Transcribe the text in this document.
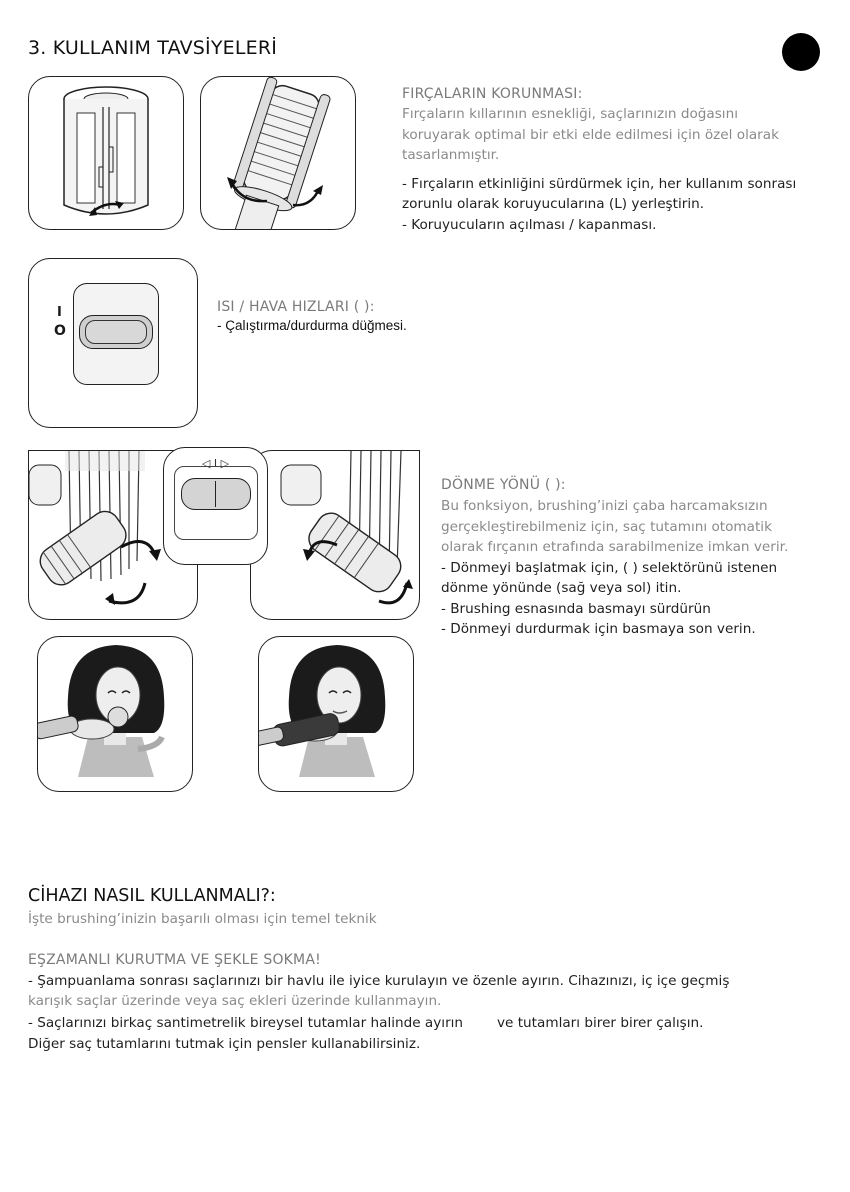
3. KULLANIM TAVSİYELERİ

FIRÇALARIN KORUNMASI:

Fırçaların kıllarının esnekliği, saçlarınızın doğasını

koruyarak optimal bir etki elde edilmesi için özel olarak

tasarlanmıştır.

- Fırçaların etkinliğini sürdürmek için, her kullanım sonrası

zorunlu olarak koruyucularına (L) yerleştirin.

- Koruyucuların açılması / kapanması.

I
O

ISI / HAVA HIZLARI ( ):

- Çalıştırma/durdurma düğmesi.

◁ I ▷

DÖNME YÖNÜ ( ):

Bu fonksiyon, brushing’inizi çaba harcamaksızın

gerçekleştirebilmeniz için, saç tutamını otomatik

olarak fırçanın etrafında sarabilmenize imkan verir.

- Dönmeyi başlatmak için, ( ) selektörünü istenen

dönme yönünde (sağ veya sol) itin.

- Brushing esnasında basmayı sürdürün

- Dönmeyi durdurmak için basmaya son verin.

CİHAZI NASIL KULLANMALI?:
İşte brushing’inizin başarılı olması için temel teknik
EŞZAMANLI KURUTMA VE ŞEKLE SOKMA!
- Şampuanlama sonrası saçlarınızı bir havlu ile iyice kurulayın ve özenle ayırın. Cihazınızı, iç içe geçmiş
karışık saçlar üzerinde veya saç ekleri üzerinde kullanmayın.
- Saçlarınızı birkaç santimetrelik bireysel tutamlar halinde ayırın ve tutamları birer birer çalışın.
Diğer saç tutamlarını tutmak için pensler kullanabilirsiniz.
